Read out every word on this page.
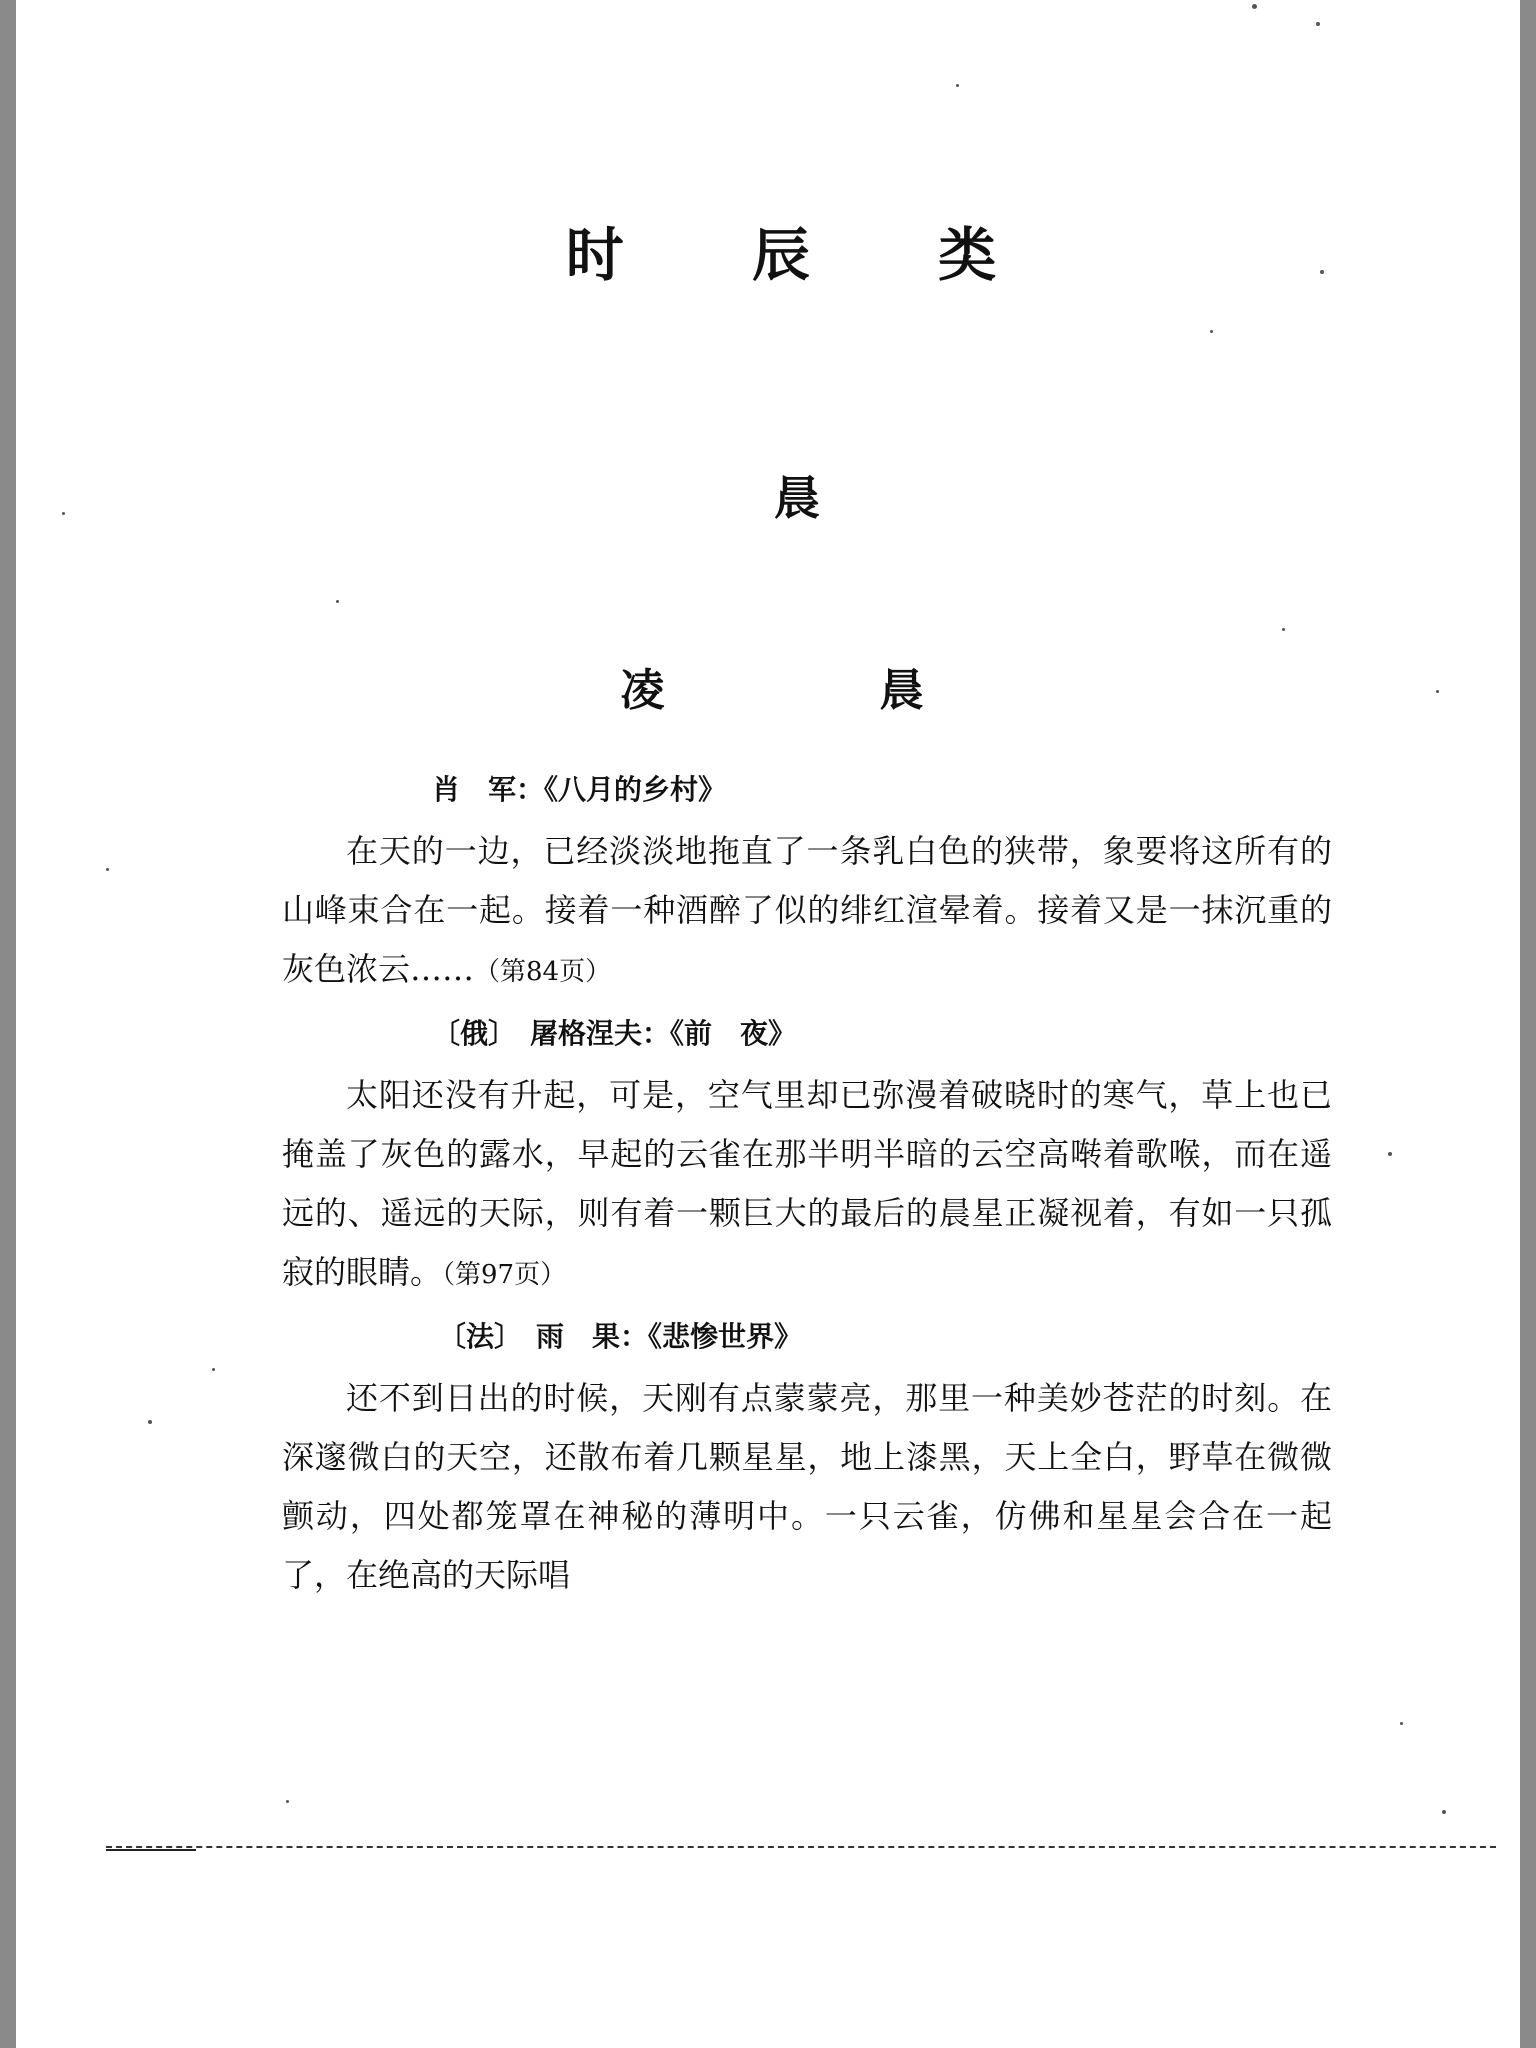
时 辰 类
晨
凌 晨

肖　军：《八月的乡村》

在天的一边，已经淡淡地拖直了一条乳白色的狭带，象要将这所有的山峰束合在一起。接着一种酒醉了似的绯红渲晕着。接着又是一抹沉重的灰色浓云……（第84页）

〔俄〕　屠格涅夫：《前　夜》

太阳还没有升起，可是，空气里却已弥漫着破晓时的寒气，草上也已掩盖了灰色的露水，早起的云雀在那半明半暗的云空高啭着歌喉，而在遥远的、遥远的天际，则有着一颗巨大的最后的晨星正凝视着，有如一只孤寂的眼睛。（第97页）

〔法〕　雨　果：《悲惨世界》

还不到日出的时候，天刚有点蒙蒙亮，那里一种美妙苍茫的时刻。在深邃微白的天空，还散布着几颗星星，地上漆黑，天上全白，野草在微微颤动，四处都笼罩在神秘的薄明中。一只云雀，仿佛和星星会合在一起了，在绝高的天际唱
